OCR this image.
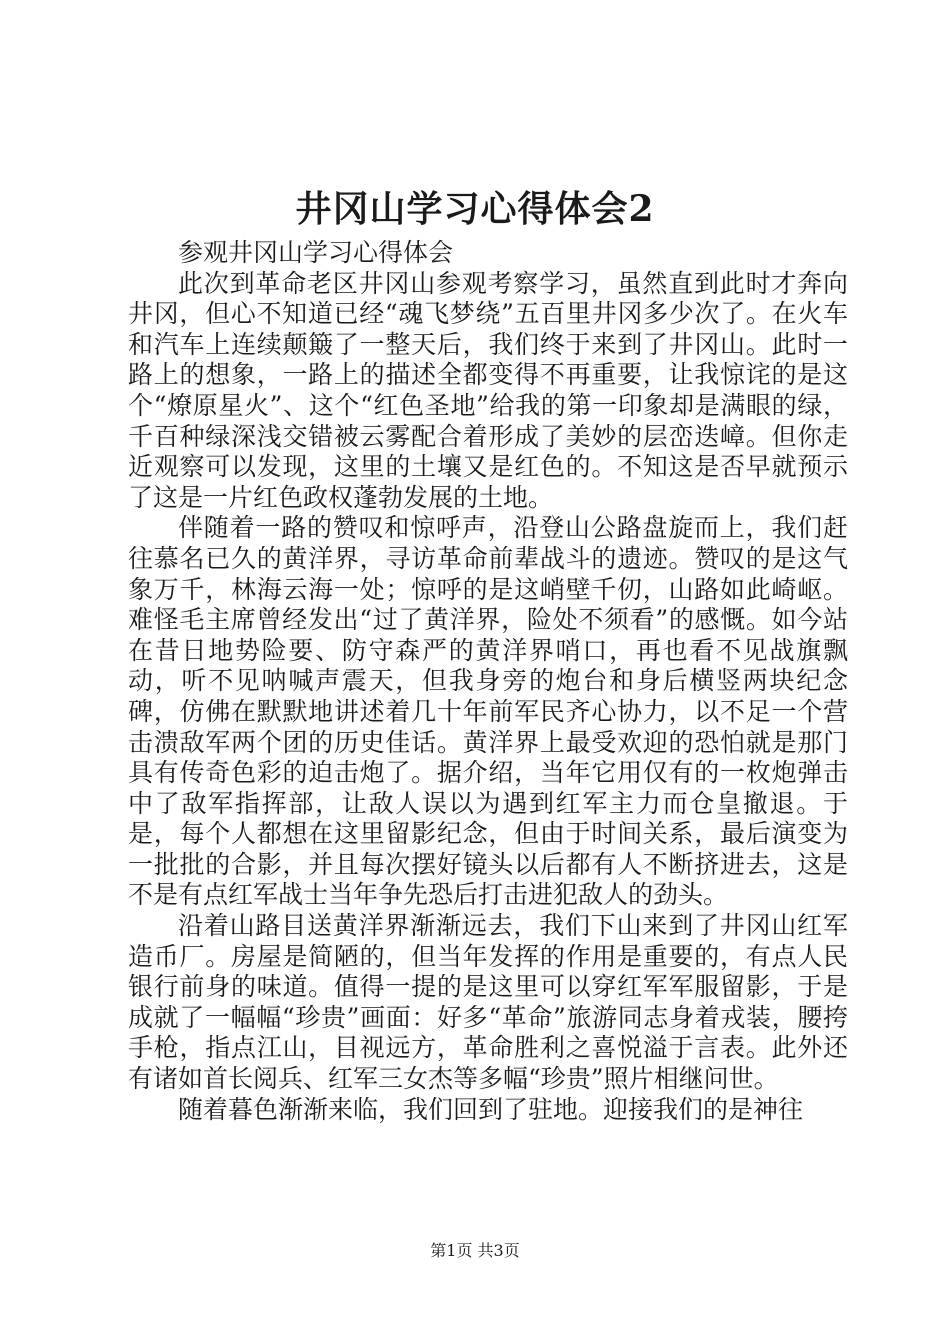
井冈山学习心得体会2

参观井冈山学习心得体会

此次到革命老区井冈山参观考察学习，虽然直到此时才奔向井冈，但心不知道已经“魂飞梦绕”五百里井冈多少次了。在火车和汽车上连续颠簸了一整天后，我们终于来到了井冈山。此时一路上的想象，一路上的描述全都变得不再重要，让我惊诧的是这个“燎原星火”、这个“红色圣地”给我的第一印象却是满眼的绿，千百种绿深浅交错被云雾配合着形成了美妙的层峦迭嶂。但你走近观察可以发现，这里的土壤又是红色的。不知这是否早就预示了这是一片红色政权蓬勃发展的土地。

伴随着一路的赞叹和惊呼声，沿登山公路盘旋而上，我们赶往慕名已久的黄洋界，寻访革命前辈战斗的遗迹。赞叹的是这气象万千，林海云海一处；惊呼的是这峭壁千仞，山路如此崎岖。难怪毛主席曾经发出“过了黄洋界，险处不须看”的感慨。如今站在昔日地势险要、防守森严的黄洋界哨口，再也看不见战旗飘动，听不见呐喊声震天，但我身旁的炮台和身后横竖两块纪念碑，仿佛在默默地讲述着几十年前军民齐心协力，以不足一个营击溃敌军两个团的历史佳话。黄洋界上最受欢迎的恐怕就是那门具有传奇色彩的迫击炮了。据介绍，当年它用仅有的一枚炮弹击中了敌军指挥部，让敌人误以为遇到红军主力而仓皇撤退。于是，每个人都想在这里留影纪念，但由于时间关系，最后演变为一批批的合影，并且每次摆好镜头以后都有人不断挤进去，这是不是有点红军战士当年争先恐后打击进犯敌人的劲头。

沿着山路目送黄洋界渐渐远去，我们下山来到了井冈山红军造币厂。房屋是简陋的，但当年发挥的作用是重要的，有点人民银行前身的味道。值得一提的是这里可以穿红军军服留影，于是成就了一幅幅“珍贵”画面：好多“革命”旅游同志身着戎装，腰挎手枪，指点江山，目视远方，革命胜利之喜悦溢于言表。此外还有诸如首长阅兵、红军三女杰等多幅“珍贵”照片相继问世。

随着暮色渐渐来临，我们回到了驻地。迎接我们的是神往

第1页 共3页
